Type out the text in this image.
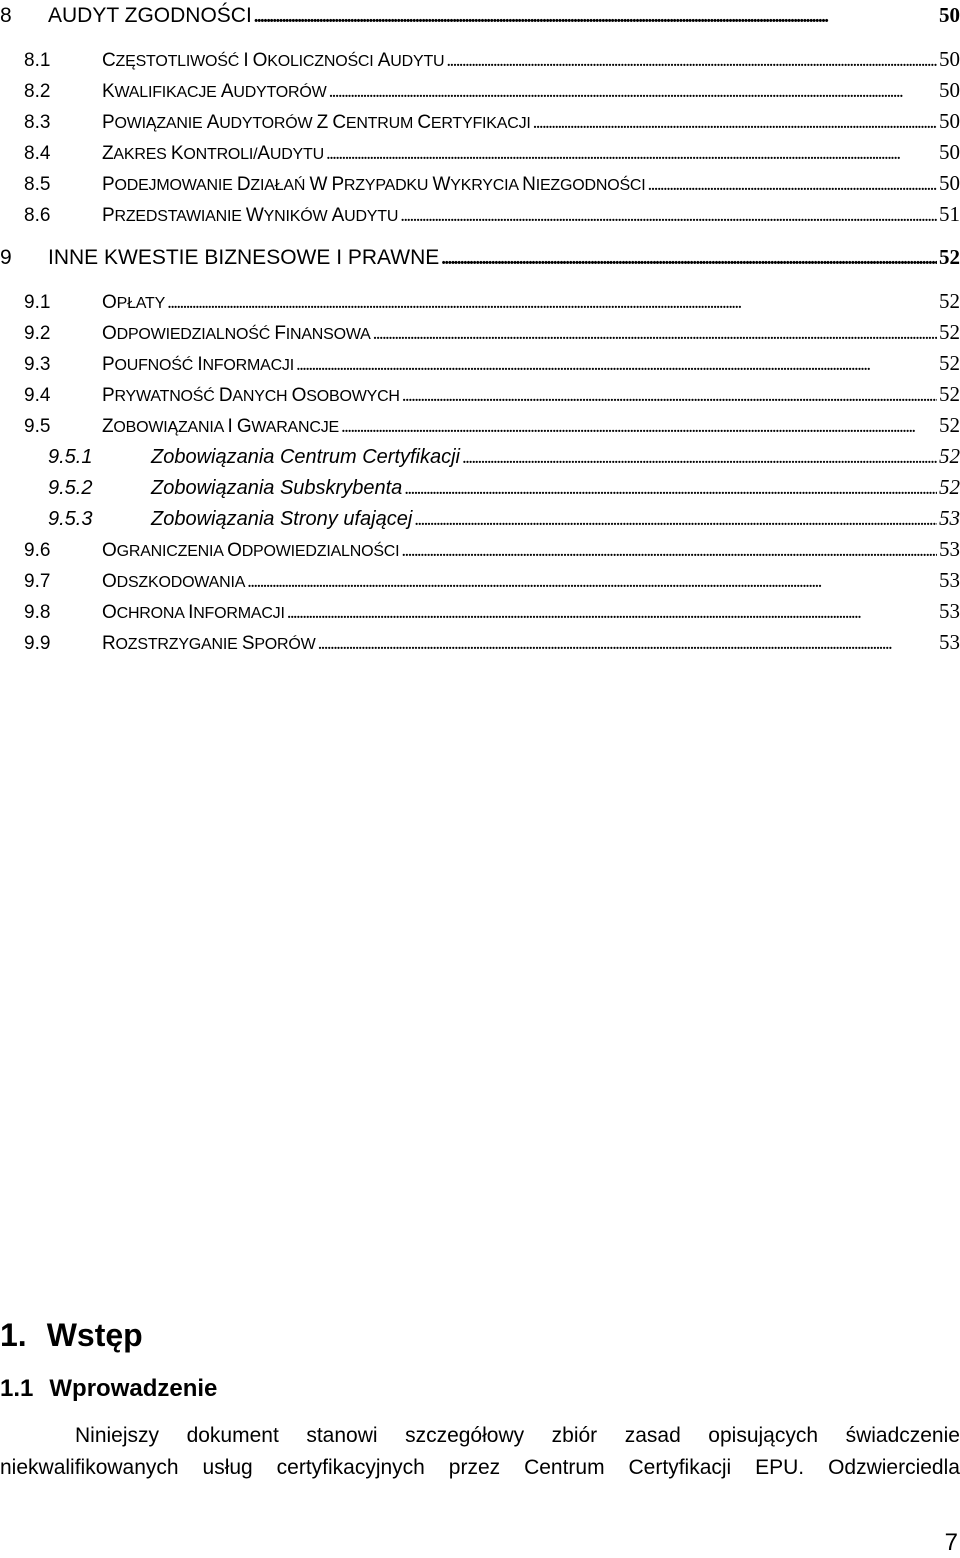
8	AUDYT ZGODNOŚCI . . .	50
8.1	CZĘSTOTLIWOŚĆ I OKOLICZNOŚCI AUDYTU . . .	50
8.2	KWALIFIKACJE AUDYTORÓW . . .	50
8.3	POWIĄZANIE AUDYTORÓW Z CENTRUM CERTYFIKACJI . . .	50
8.4	ZAKRES KONTROLI/AUDYTU . . .	50
8.5	PODEJMOWANIE DZIAŁAŃ W PRZYPADKU WYKRYCIA NIEZGODNOŚCI . . .	50
8.6	PRZEDSTAWIANIE WYNIKÓW AUDYTU . . .	51
9	INNE KWESTIE BIZNESOWE I PRAWNE . . .	52
9.1	OPŁATY . . .	52
9.2	ODPOWIEDZIALNOŚĆ FINANSOWA . . .	52
9.3	POUFNOŚĆ INFORMACJI . . .	52
9.4	PRYWATNOŚĆ DANYCH OSOBOWYCH . . .	52
9.5	ZOBOWIĄZANIA I GWARANCJE . . .	52
9.5.1	Zobowiązania Centrum Certyfikacji . . .	52
9.5.2	Zobowiązania Subskrybenta . . .	52
9.5.3	Zobowiązania Strony ufającej . . .	53
9.6	OGRANICZENIA ODPOWIEDZIALNOŚCI . . .	53
9.7	ODSZKODOWANIA . . .	53
9.8	OCHRONA INFORMACJI . . .	53
9.9	ROZSTRZYGANIE SPORÓW . . .	53
1. Wstęp
1.1 Wprowadzenie
Niniejszy dokument stanowi szczegółowy zbiór zasad opisujących świadczenie
niekwalifikowanych usług certyfikacyjnych przez Centrum Certyfikacji EPU. Odzwierciedla
7
